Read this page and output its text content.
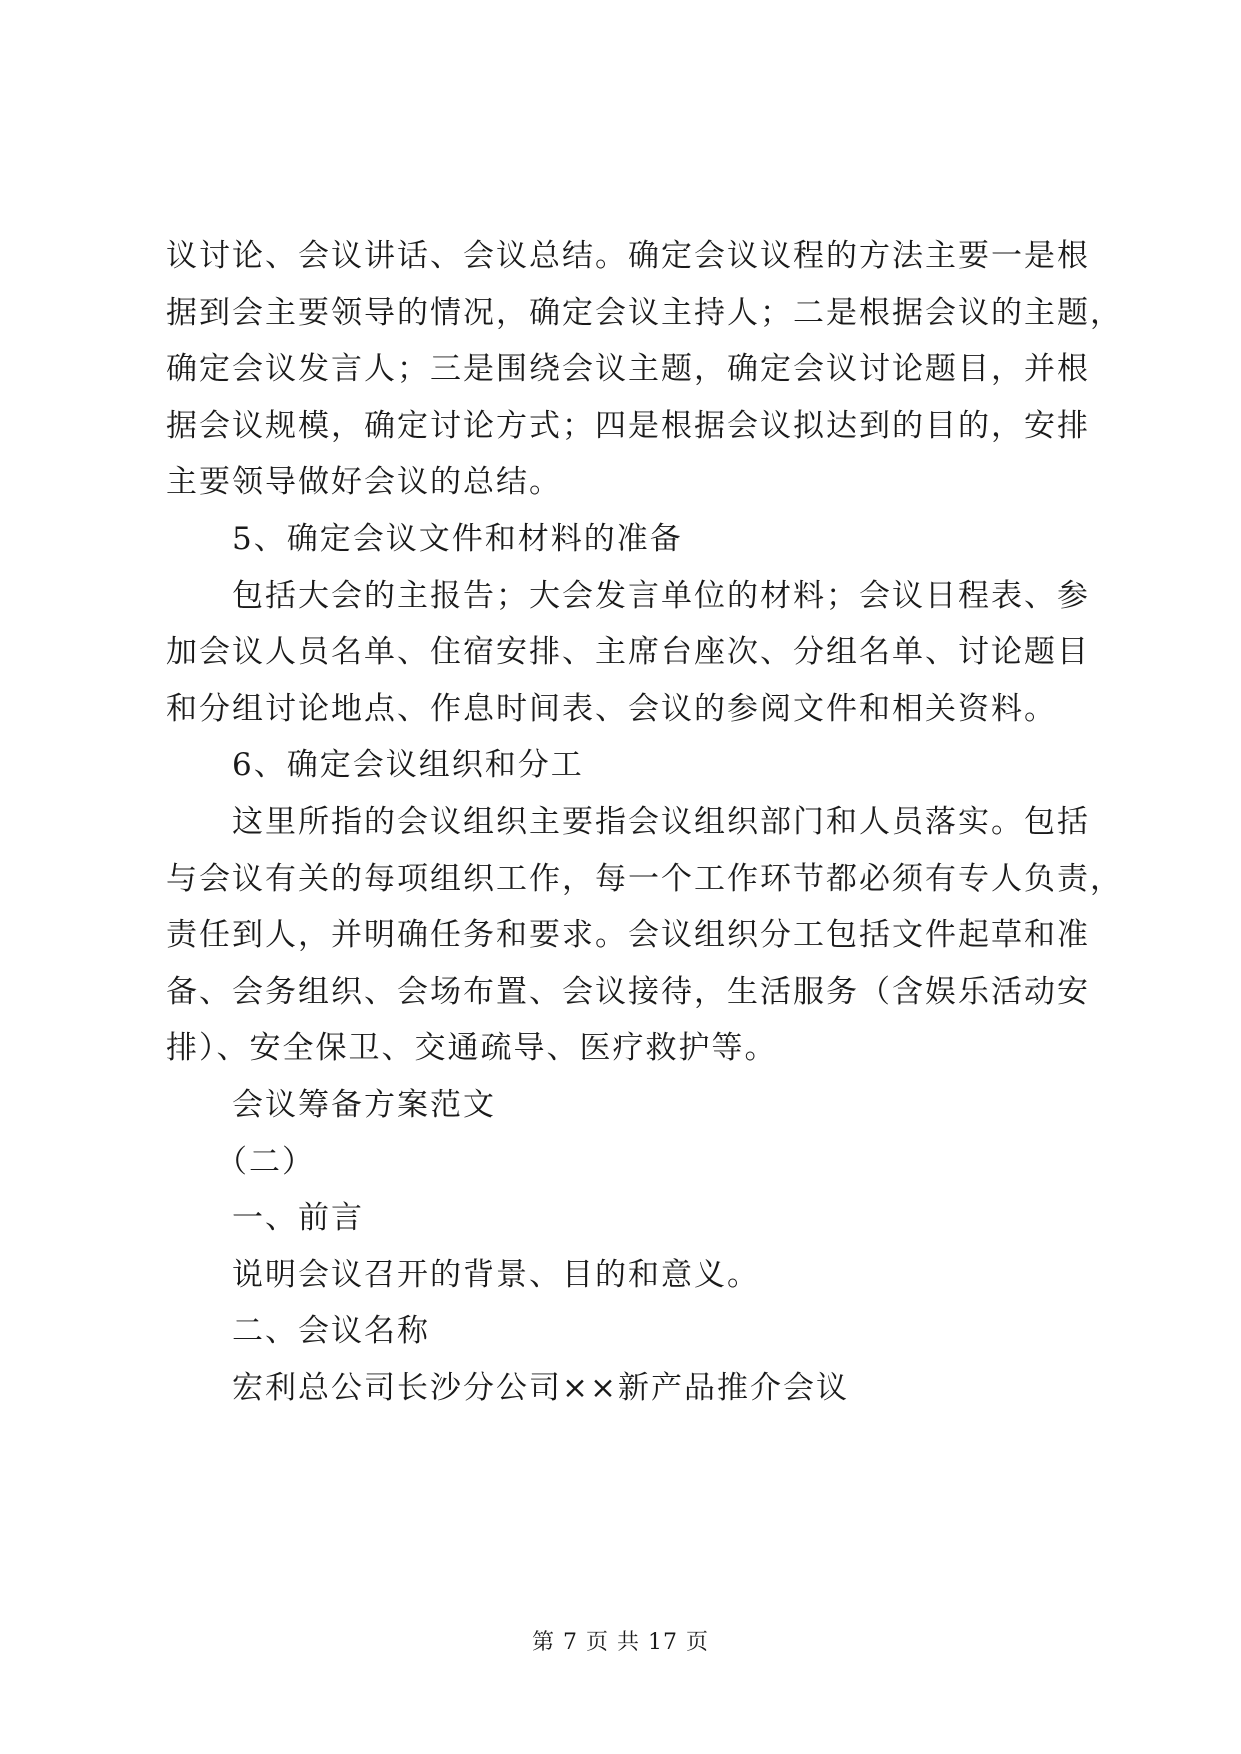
议讨论、会议讲话、会议总结。确定会议议程的方法主要一是根
据到会主要领导的情况，确定会议主持人；二是根据会议的主题，
确定会议发言人；三是围绕会议主题，确定会议讨论题目，并根
据会议规模，确定讨论方式；四是根据会议拟达到的目的，安排
主要领导做好会议的总结。
5、确定会议文件和材料的准备
包括大会的主报告；大会发言单位的材料；会议日程表、参
加会议人员名单、住宿安排、主席台座次、分组名单、讨论题目
和分组讨论地点、作息时间表、会议的参阅文件和相关资料。
6、确定会议组织和分工
这里所指的会议组织主要指会议组织部门和人员落实。包括
与会议有关的每项组织工作，每一个工作环节都必须有专人负责，
责任到人，并明确任务和要求。会议组织分工包括文件起草和准
备、会务组织、会场布置、会议接待，生活服务（含娱乐活动安
排）、安全保卫、交通疏导、医疗救护等。
会议筹备方案范文
（二）
一、前言
说明会议召开的背景、目的和意义。
二、会议名称
宏利总公司长沙分公司××新产品推介会议
第 7 页 共 17 页
